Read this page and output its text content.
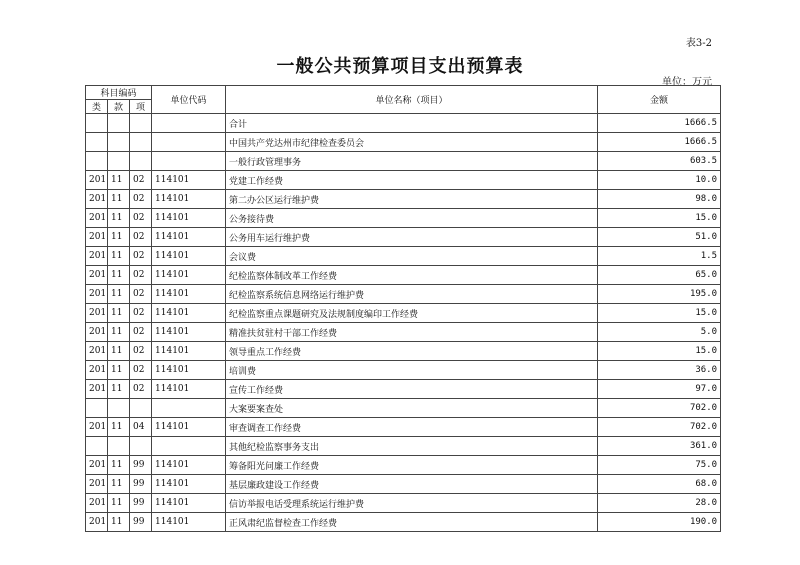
表3-2
一般公共预算项目支出预算表
单位：万元
科目编码			单位代码	单位名称（项目）	金额
类	款	项			
				合计	1666.5
				中国共产党达州市纪律检查委员会	1666.5
				一般行政管理事务	603.5
201	11	02	114101	党建工作经费	10.0
201	11	02	114101	第二办公区运行维护费	98.0
201	11	02	114101	公务接待费	15.0
201	11	02	114101	公务用车运行维护费	51.0
201	11	02	114101	会议费	1.5
201	11	02	114101	纪检监察体制改革工作经费	65.0
201	11	02	114101	纪检监察系统信息网络运行维护费	195.0
201	11	02	114101	纪检监察重点课题研究及法规制度编印工作经费	15.0
201	11	02	114101	精准扶贫驻村干部工作经费	5.0
201	11	02	114101	领导重点工作经费	15.0
201	11	02	114101	培训费	36.0
201	11	02	114101	宣传工作经费	97.0
				大案要案查处	702.0
201	11	04	114101	审查调查工作经费	702.0
				其他纪检监察事务支出	361.0
201	11	99	114101	筹备阳光问廉工作经费	75.0
201	11	99	114101	基层廉政建设工作经费	68.0
201	11	99	114101	信访举报电话受理系统运行维护费	28.0
201	11	99	114101	正风肃纪监督检查工作经费	190.0
